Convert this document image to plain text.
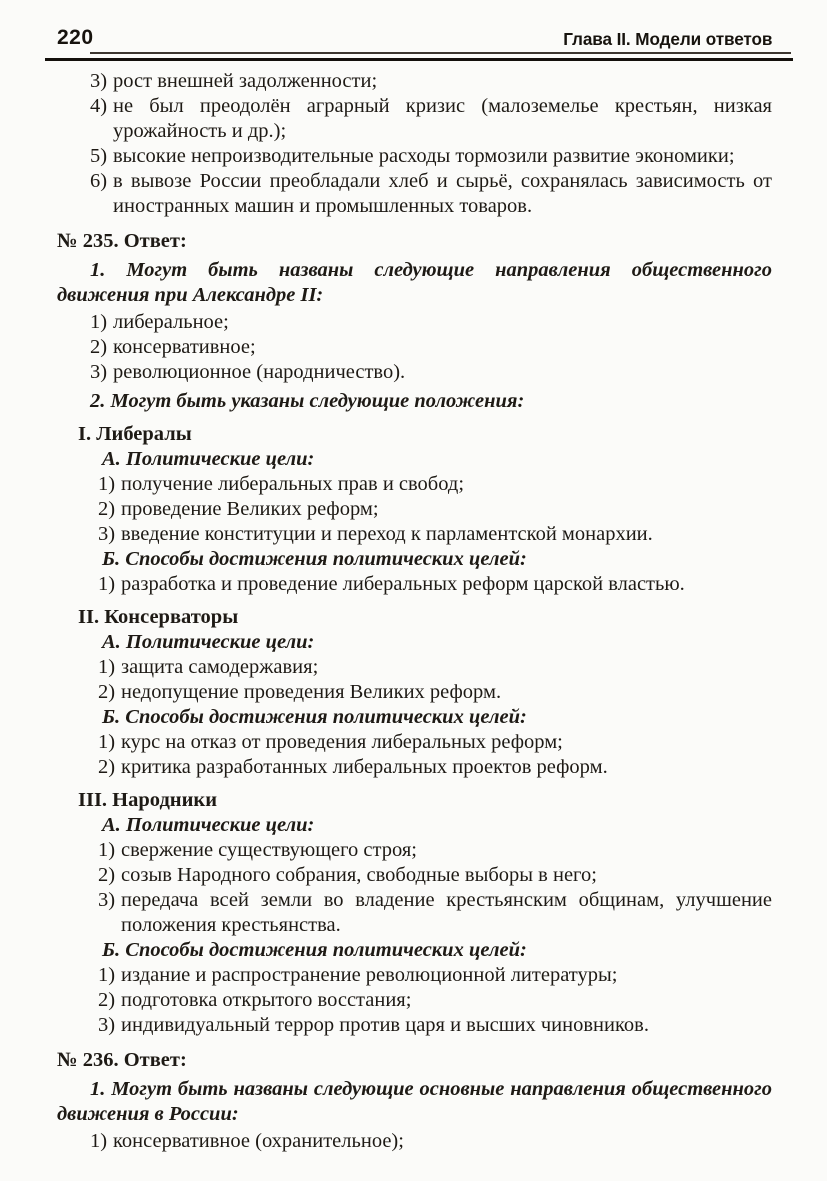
220	Глава II. Модели ответов
3) рост внешней задолженности;
4) не был преодолён аграрный кризис (малоземелье крестьян, низкая урожайность и др.);
5) высокие непроизводительные расходы тормозили развитие экономики;
6) в вывозе России преобладали хлеб и сырьё, сохранялась зависимость от иностранных машин и промышленных товаров.
№ 235. Ответ:
1. Могут быть названы следующие направления общественного движения при Александре II:
1) либеральное;
2) консервативное;
3) революционное (народничество).
2. Могут быть указаны следующие положения:
I. Либералы
А. Политические цели:
1) получение либеральных прав и свобод;
2) проведение Великих реформ;
3) введение конституции и переход к парламентской монархии.
Б. Способы достижения политических целей:
1) разработка и проведение либеральных реформ царской властью.
II. Консерваторы
А. Политические цели:
1) защита самодержавия;
2) недопущение проведения Великих реформ.
Б. Способы достижения политических целей:
1) курс на отказ от проведения либеральных реформ;
2) критика разработанных либеральных проектов реформ.
III. Народники
А. Политические цели:
1) свержение существующего строя;
2) созыв Народного собрания, свободные выборы в него;
3) передача всей земли во владение крестьянским общинам, улучшение положения крестьянства.
Б. Способы достижения политических целей:
1) издание и распространение революционной литературы;
2) подготовка открытого восстания;
3) индивидуальный террор против царя и высших чиновников.
№ 236. Ответ:
1. Могут быть названы следующие основные направления общественного движения в России:
1) консервативное (охранительное);
